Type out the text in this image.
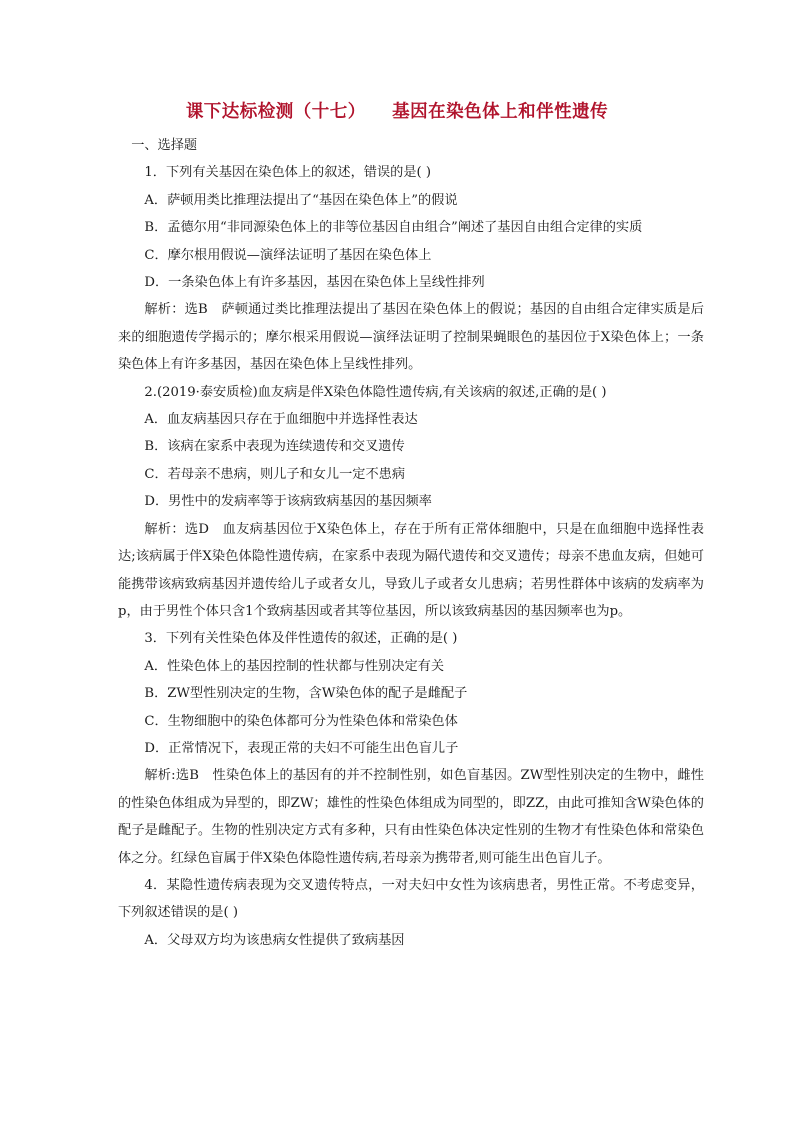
课下达标检测（十七）    基因在染色体上和伴性遗传

一、选择题

1．下列有关基因在染色体上的叙述，错误的是( )

A．萨顿用类比推理法提出了“基因在染色体上”的假说

B．孟德尔用“非同源染色体上的非等位基因自由组合”阐述了基因自由组合定律的实质

C．摩尔根用假说—演绎法证明了基因在染色体上

D．一条染色体上有许多基因，基因在染色体上呈线性排列

解析：选B　萨顿通过类比推理法提出了基因在染色体上的假说；基因的自由组合定律实质是后来的细胞遗传学揭示的；摩尔根采用假说—演绎法证明了控制果蝇眼色的基因位于X染色体上；一条染色体上有许多基因，基因在染色体上呈线性排列。

2.(2019·泰安质检)血友病是伴X染色体隐性遗传病,有关该病的叙述,正确的是( )

A．血友病基因只存在于血细胞中并选择性表达

B．该病在家系中表现为连续遗传和交叉遗传

C．若母亲不患病，则儿子和女儿一定不患病

D．男性中的发病率等于该病致病基因的基因频率

解析：选D　血友病基因位于X染色体上，存在于所有正常体细胞中，只是在血细胞中选择性表达;该病属于伴X染色体隐性遗传病，在家系中表现为隔代遗传和交叉遗传；母亲不患血友病，但她可能携带该病致病基因并遗传给儿子或者女儿，导致儿子或者女儿患病；若男性群体中该病的发病率为p，由于男性个体只含1个致病基因或者其等位基因，所以该致病基因的基因频率也为p。

3．下列有关性染色体及伴性遗传的叙述，正确的是( )

A．性染色体上的基因控制的性状都与性别决定有关

B．ZW型性别决定的生物，含W染色体的配子是雌配子

C．生物细胞中的染色体都可分为性染色体和常染色体

D．正常情况下，表现正常的夫妇不可能生出色盲儿子

解析:选B　性染色体上的基因有的并不控制性别，如色盲基因。ZW型性别决定的生物中，雌性的性染色体组成为异型的，即ZW；雄性的性染色体组成为同型的，即ZZ，由此可推知含W染色体的配子是雌配子。生物的性别决定方式有多种，只有由性染色体决定性别的生物才有性染色体和常染色体之分。红绿色盲属于伴X染色体隐性遗传病,若母亲为携带者,则可能生出色盲儿子。

4．某隐性遗传病表现为交叉遗传特点，一对夫妇中女性为该病患者，男性正常。不考虑变异，下列叙述错误的是( )

A．父母双方均为该患病女性提供了致病基因
